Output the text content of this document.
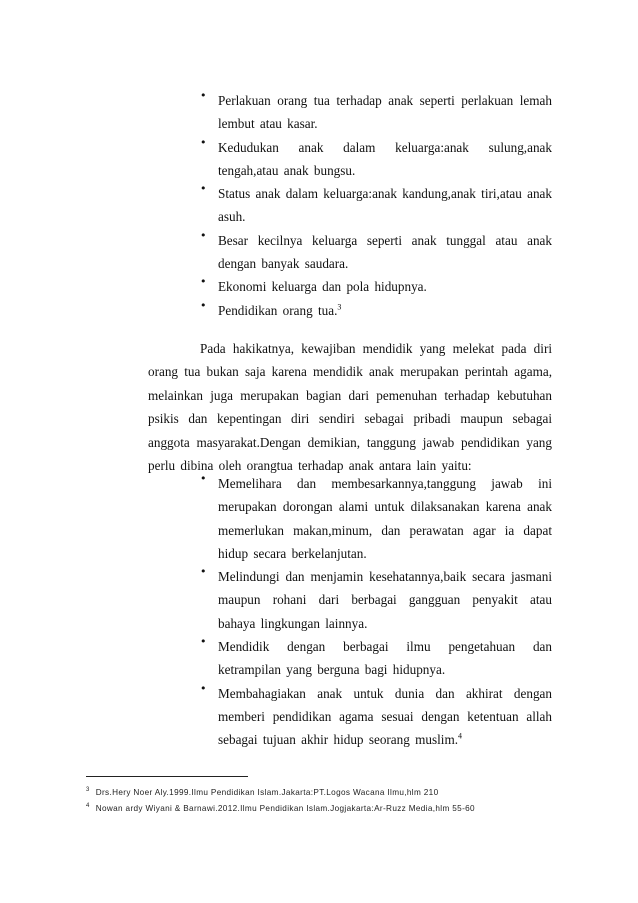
• Perlakuan orang tua terhadap anak seperti perlakuan lemah lembut atau kasar.
• Kedudukan anak dalam keluarga:anak sulung,anak tengah,atau anak bungsu.
• Status anak dalam keluarga:anak kandung,anak tiri,atau anak asuh.
• Besar kecilnya keluarga seperti anak tunggal atau anak dengan banyak saudara.
• Ekonomi keluarga dan pola hidupnya.
• Pendidikan orang tua.$^3$

Pada hakikatnya, kewajiban mendidik yang melekat pada diri orang tua bukan saja karena mendidik anak merupakan perintah agama, melainkan juga merupakan bagian dari pemenuhan terhadap kebutuhan psikis dan kepentingan diri sendiri sebagai pribadi maupun sebagai anggota masyarakat.Dengan demikian, tanggung jawab pendidikan yang perlu dibina oleh orangtua terhadap anak antara lain yaitu:

• Memelihara dan membesarkannya,tanggung jawab ini merupakan dorongan alami untuk dilaksanakan karena anak memerlukan makan,minum, dan perawatan agar ia dapat hidup secara berkelanjutan.
• Melindungi dan menjamin kesehatannya,baik secara jasmani maupun rohani dari berbagai gangguan penyakit atau bahaya lingkungan lainnya.
• Mendidik dengan berbagai ilmu pengetahuan dan ketrampilan yang berguna bagi hidupnya.
• Membahagiakan anak untuk dunia dan akhirat dengan memberi pendidikan agama sesuai dengan ketentuan allah sebagai tujuan akhir hidup seorang muslim.$^4$
$^3$ Drs.Hery Noer Aly.1999.Ilmu Pendidikan Islam.Jakarta:PT.Logos Wacana Ilmu,hlm 210
$^4$ Nowan ardy Wiyani & Barnawi.2012.Ilmu Pendidikan Islam.Jogjakarta:Ar-Ruzz Media,hlm 55-60
